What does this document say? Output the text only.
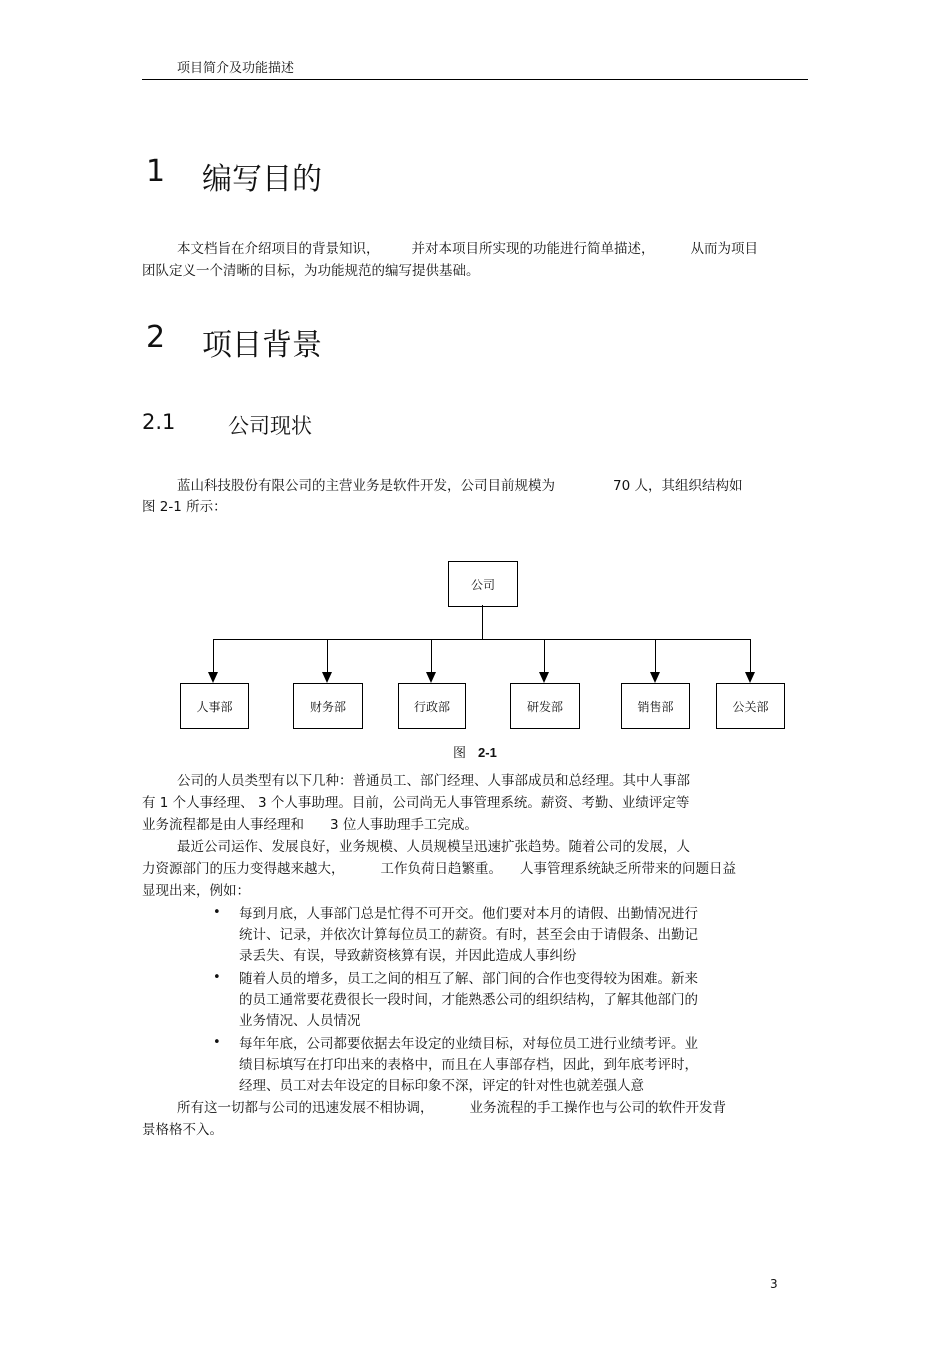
项目简介及功能描述
1 编写目的
本文档旨在介绍项目的背景知识， 并对本项目所实现的功能进行简单描述，	从而为项目
团队定义一个清晰的目标，为功能规范的编写提供基础。
2 项目背景
2.1	公司现状
蓝山科技股份有限公司的主营业务是软件开发，公司目前规模为	70 人，其组织结构如
图 2-1 所示：
公司
人事部	财务部	行政部	研发部	销售部	公关部
图 2-1
公司的人员类型有以下几种：普通员工、部门经理、人事部成员和总经理。其中人事部
有 1 个人事经理、 3 个人事助理。目前，公司尚无人事管理系统。薪资、考勤、业绩评定等
业务流程都是由人事经理和 3 位人事助理手工完成。
最近公司运作、发展良好，业务规模、人员规模呈迅速扩张趋势。随着公司的发展，人
力资源部门的压力变得越来越大，	工作负荷日趋繁重。 人事管理系统缺乏所带来的问题日益
显现出来，例如：
• 每到月底，人事部门总是忙得不可开交。他们要对本月的请假、出勤情况进行
统计、记录，并依次计算每位员工的薪资。有时，甚至会由于请假条、出勤记
录丢失、有误，导致薪资核算有误，并因此造成人事纠纷
• 随着人员的增多，员工之间的相互了解、部门间的合作也变得较为困难。新来
的员工通常要花费很长一段时间，才能熟悉公司的组织结构，了解其他部门的
业务情况、人员情况
• 每年年底，公司都要依据去年设定的业绩目标，对每位员工进行业绩考评。业
绩目标填写在打印出来的表格中，而且在人事部存档，因此，到年底考评时，
经理、员工对去年设定的目标印象不深，评定的针对性也就差强人意
所有这一切都与公司的迅速发展不相协调，	业务流程的手工操作也与公司的软件开发背
景格格不入。
3
